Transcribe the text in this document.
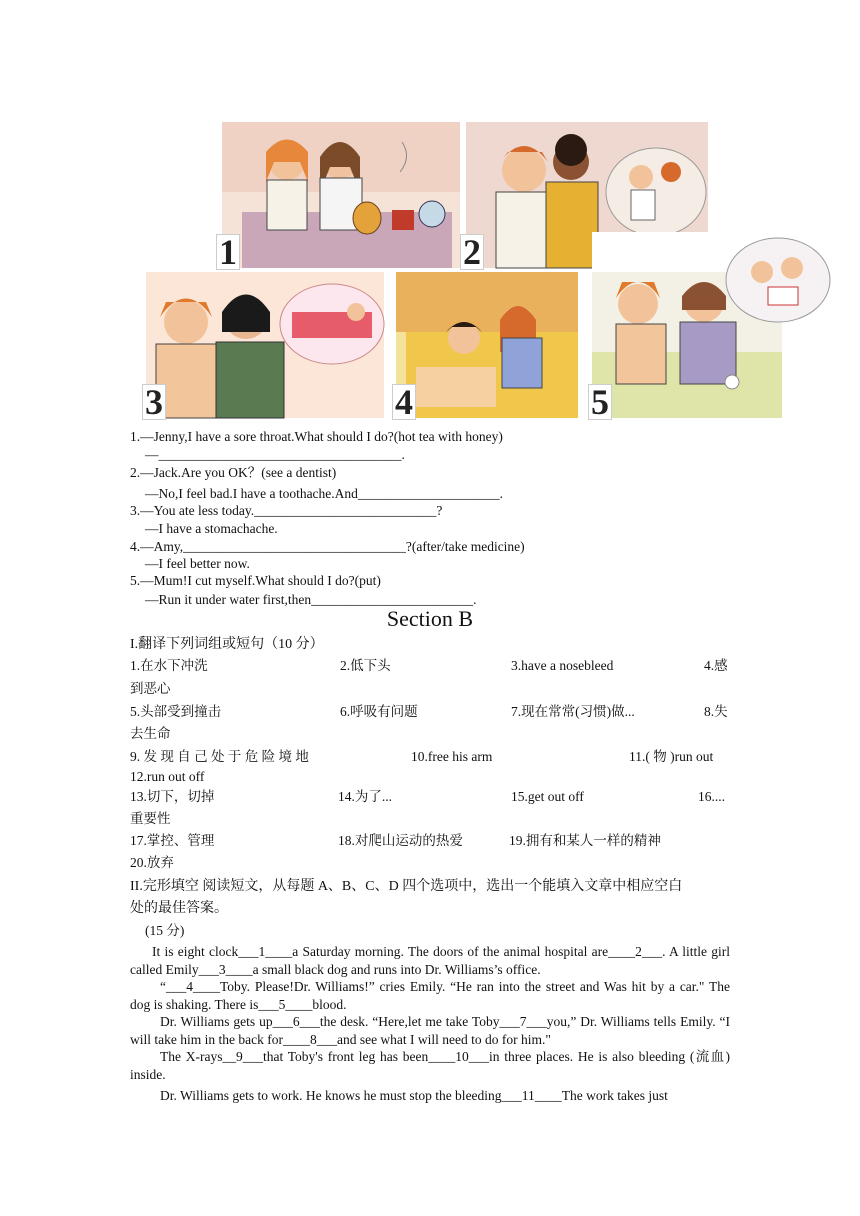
1	2
3	4	5
1.—Jenny,I have a sore throat.What should I do?(hot tea with honey)
—____________________________________.
2.—Jack.Are you OK？(see a dentist)
—No,I feel bad.I have a toothache.And_____________________.
3.—You ate less today.___________________________?
—I have a stomachache.
4.—Amy,_________________________________?(after/take medicine)
—I feel better now.
5.—Mum!I cut myself.What should I do?(put)
—Run it under water first,then________________________.
Section B
I.翻译下列词组或短句（10 分）
1.在水下冲洗	2.低下头	3.have a nosebleed	4.感
到恶心
5.头部受到撞击	6.呼吸有问题	7.现在常常(习惯)做...	8.失
去生命
9. 发 现 自 己 处 于 危 险 境 地	10.free his arm	11.( 物 )run out
12.run out off
13.切下，切掉	14.为了...	15.get out off	16....
重要性
17.掌控、管理	18.对爬山运动的热爱	19.拥有和某人一样的精神
20.放弃
II.完形填空 阅读短文，从每题 A、B、C、D 四个选项中，选出一个能填入文章中相应空白
处的最佳答案。
(15 分)
It is eight clock___1____a Saturday morning. The doors of the animal hospital are____2___. A little girl called Emily___3____a small black dog and runs into Dr. Williams’s office.
“___4____Toby. Please!Dr. Williams!” cries Emily. “He ran into the street and Was hit by a car." The dog is shaking. There is___5____blood.
Dr. Williams gets up___6___the desk. “Here,let me take Toby___7___you,” Dr. Williams tells Emily. “I will take him in the back for____8___and see what I will need to do for him."
The X-rays__9___that Toby's front leg has been____10___in three places. He is also bleeding (流血) inside.
Dr. Williams gets to work. He knows he must stop the bleeding___11____The work takes just
